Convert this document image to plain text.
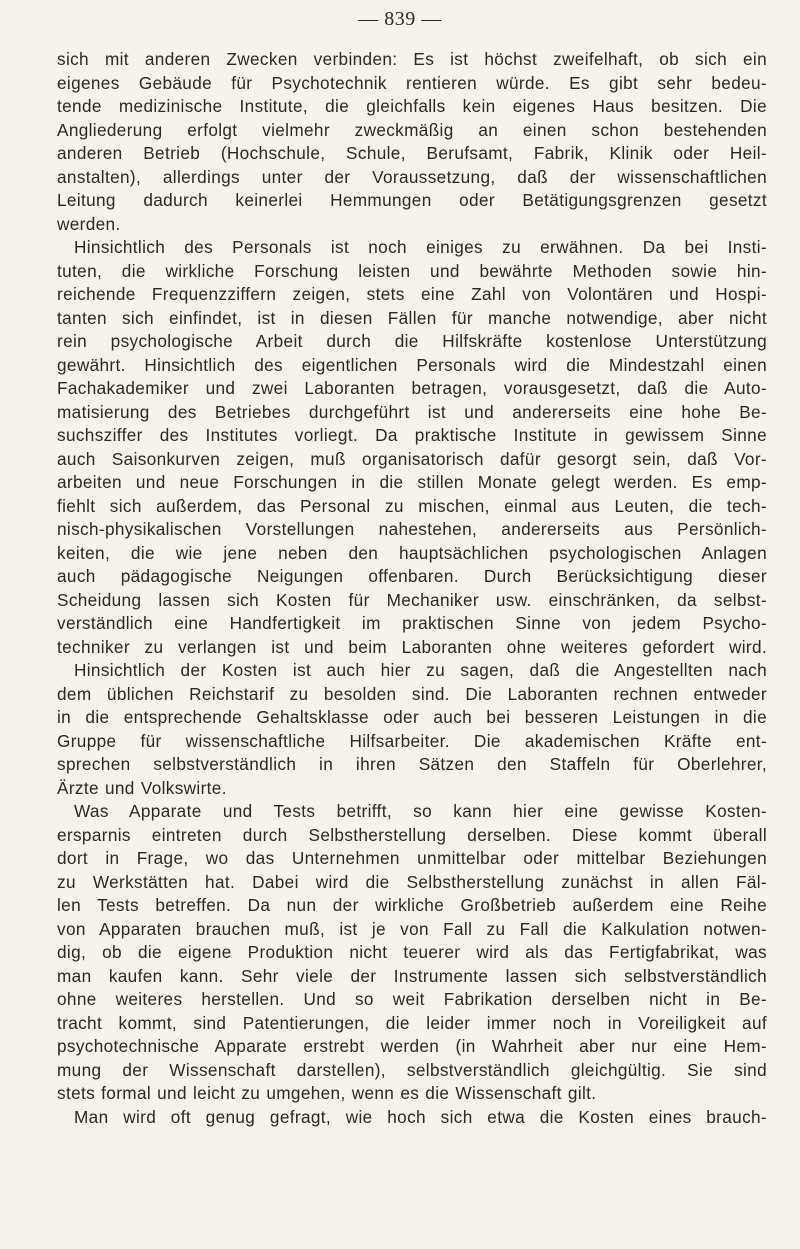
— 839 —
sich mit anderen Zwecken verbinden: Es ist höchst zweifelhaft, ob sich ein
eigenes Gebäude für Psychotechnik rentieren würde. Es gibt sehr bedeu-
tende medizinische Institute, die gleichfalls kein eigenes Haus besitzen. Die
Angliederung erfolgt vielmehr zweckmäßig an einen schon bestehenden
anderen Betrieb (Hochschule, Schule, Berufsamt, Fabrik, Klinik oder Heil-
anstalten), allerdings unter der Voraussetzung, daß der wissenschaftlichen
Leitung dadurch keinerlei Hemmungen oder Betätigungsgrenzen gesetzt
werden.
Hinsichtlich des Personals ist noch einiges zu erwähnen. Da bei Insti-
tuten, die wirkliche Forschung leisten und bewährte Methoden sowie hin-
reichende Frequenzziffern zeigen, stets eine Zahl von Volontären und Hospi-
tanten sich einfindet, ist in diesen Fällen für manche notwendige, aber nicht
rein psychologische Arbeit durch die Hilfskräfte kostenlose Unterstützung
gewährt. Hinsichtlich des eigentlichen Personals wird die Mindestzahl einen
Fachakademiker und zwei Laboranten betragen, vorausgesetzt, daß die Auto-
matisierung des Betriebes durchgeführt ist und andererseits eine hohe Be-
suchsziffer des Institutes vorliegt. Da praktische Institute in gewissem Sinne
auch Saisonkurven zeigen, muß organisatorisch dafür gesorgt sein, daß Vor-
arbeiten und neue Forschungen in die stillen Monate gelegt werden. Es emp-
fiehlt sich außerdem, das Personal zu mischen, einmal aus Leuten, die tech-
nisch-physikalischen Vorstellungen nahestehen, andererseits aus Persönlich-
keiten, die wie jene neben den hauptsächlichen psychologischen Anlagen
auch pädagogische Neigungen offenbaren. Durch Berücksichtigung dieser
Scheidung lassen sich Kosten für Mechaniker usw. einschränken, da selbst-
verständlich eine Handfertigkeit im praktischen Sinne von jedem Psycho-
techniker zu verlangen ist und beim Laboranten ohne weiteres gefordert wird.
Hinsichtlich der Kosten ist auch hier zu sagen, daß die Angestellten nach
dem üblichen Reichstarif zu besolden sind. Die Laboranten rechnen entweder
in die entsprechende Gehaltsklasse oder auch bei besseren Leistungen in die
Gruppe für wissenschaftliche Hilfsarbeiter. Die akademischen Kräfte ent-
sprechen selbstverständlich in ihren Sätzen den Staffeln für Oberlehrer,
Ärzte und Volkswirte.
Was Apparate und Tests betrifft, so kann hier eine gewisse Kosten-
ersparnis eintreten durch Selbstherstellung derselben. Diese kommt überall
dort in Frage, wo das Unternehmen unmittelbar oder mittelbar Beziehungen
zu Werkstätten hat. Dabei wird die Selbstherstellung zunächst in allen Fäl-
len Tests betreffen. Da nun der wirkliche Großbetrieb außerdem eine Reihe
von Apparaten brauchen muß, ist je von Fall zu Fall die Kalkulation notwen-
dig, ob die eigene Produktion nicht teuerer wird als das Fertigfabrikat, was
man kaufen kann. Sehr viele der Instrumente lassen sich selbstverständlich
ohne weiteres herstellen. Und so weit Fabrikation derselben nicht in Be-
tracht kommt, sind Patentierungen, die leider immer noch in Voreiligkeit auf
psychotechnische Apparate erstrebt werden (in Wahrheit aber nur eine Hem-
mung der Wissenschaft darstellen), selbstverständlich gleichgültig. Sie sind
stets formal und leicht zu umgehen, wenn es die Wissenschaft gilt.
Man wird oft genug gefragt, wie hoch sich etwa die Kosten eines brauch-
